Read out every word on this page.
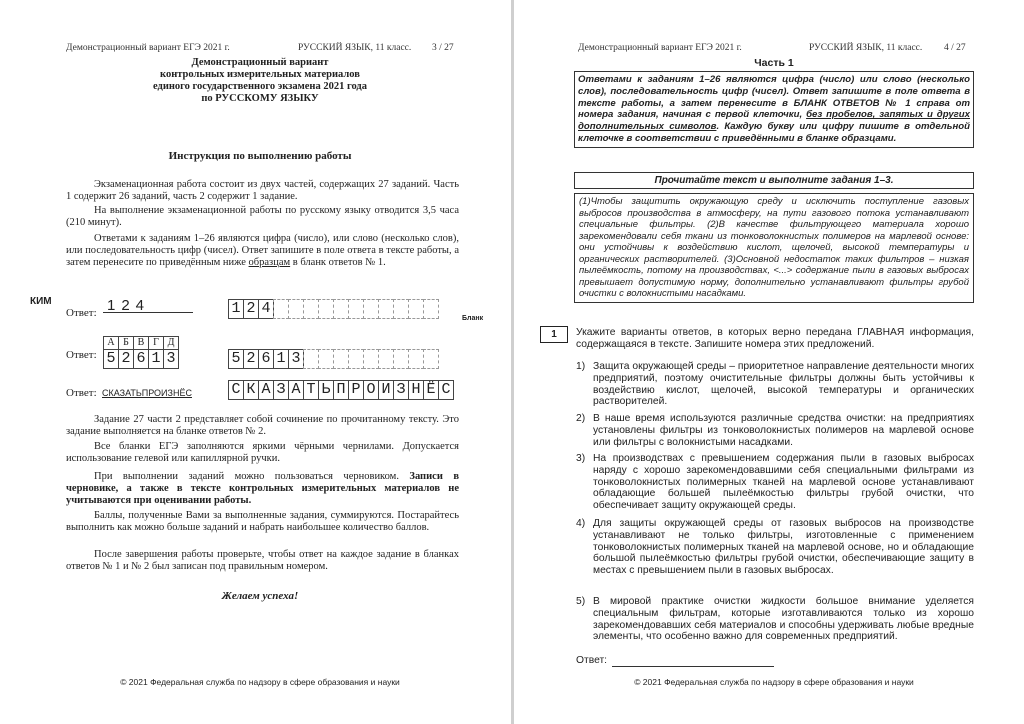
Демонстрационный вариант ЕГЭ 2021 г.	РУССКИЙ ЯЗЫК, 11 класс. 3 / 27
Демонстрационный вариант
контрольных измерительных материалов
единого государственного экзамена 2021 года
по РУССКОМУ ЯЗЫКУ
Инструкция по выполнению работы

Экзаменационная работа состоит из двух частей, содержащих 27 заданий. Часть 1 содержит 26 заданий, часть 2 содержит 1 задание.

На выполнение экзаменационной работы по русскому языку отводится 3,5 часа (210 минут).

Ответами к заданиям 1–26 являются цифра (число), или слово (несколько слов), или последовательность цифр (чисел). Ответ запишите в поле ответа в тексте работы, а затем перенесите по приведённым ниже образцам в бланк ответов № 1.

КИМ
Бланк
Ответ: 124	1 2 4
Ответ:
А Б В Г Д
5 2 6 1 3	5 2 6 1 3
Ответ: СКАЗАТЬПРОИЗНЁС	С К А З А Т Ь П Р О И З Н Ё С

Задание 27 части 2 представляет собой сочинение по прочитанному тексту. Это задание выполняется на бланке ответов № 2.

Все бланки ЕГЭ заполняются яркими чёрными чернилами. Допускается использование гелевой или капиллярной ручки.

При выполнении заданий можно пользоваться черновиком. Записи в черновике, а также в тексте контрольных измерительных материалов не учитываются при оценивании работы.

Баллы, полученные Вами за выполненные задания, суммируются. Постарайтесь выполнить как можно больше заданий и набрать наибольшее количество баллов.

После завершения работы проверьте, чтобы ответ на каждое задание в бланках ответов № 1 и № 2 был записан под правильным номером.

Желаем успеха!
© 2021 Федеральная служба по надзору в сфере образования и науки
Демонстрационный вариант ЕГЭ 2021 г.	РУССКИЙ ЯЗЫК, 11 класс. 4 / 27
Часть 1
Ответами к заданиям 1–26 являются цифра (число) или слово (несколько слов), последовательность цифр (чисел). Ответ запишите в поле ответа в тексте работы, а затем перенесите в БЛАНК ОТВЕТОВ № 1 справа от номера задания, начиная с первой клеточки, без пробелов, запятых и других дополнительных символов. Каждую букву или цифру пишите в отдельной клеточке в соответствии с приведёнными в бланке образцами.
Прочитайте текст и выполните задания 1–3.
(1)Чтобы защитить окружающую среду и исключить поступление газовых выбросов производства в атмосферу, на пути газового потока устанавливают специальные фильтры. (2)В качестве фильтрующего материала хорошо зарекомендовали себя ткани из тонковолокнистых полимеров на марлевой основе: они устойчивы к воздействию кислот, щелочей, высокой температуры и органических растворителей. (3)Основной недостаток таких фильтров – низкая пылеёмкость, потому на производствах, <...> содержание пыли в газовых выбросах превышает допустимую норму, дополнительно устанавливают фильтры грубой очистки с волокнистыми насадками.
1	Укажите варианты ответов, в которых верно передана ГЛАВНАЯ информация, содержащаяся в тексте. Запишите номера этих предложений.
1) Защита окружающей среды – приоритетное направление деятельности многих предприятий, поэтому очистительные фильтры должны быть устойчивы к воздействию кислот, щелочей, высокой температуры и органических растворителей.
2) В наше время используются различные средства очистки: на предприятиях установлены фильтры из тонковолокнистых полимеров на марлевой основе или фильтры с волокнистыми насадками.
3) На производствах с превышением содержания пыли в газовых выбросах наряду с хорошо зарекомендовавшими себя специальными фильтрами из тонковолокнистых полимерных тканей на марлевой основе устанавливают обладающие большей пылеёмкостью фильтры грубой очистки, что обеспечивает защиту окружающей среды.
4) Для защиты окружающей среды от газовых выбросов на производстве устанавливают не только фильтры, изготовленные с применением тонковолокнистых полимерных тканей на марлевой основе, но и обладающие большой пылеёмкостью фильтры грубой очистки, обеспечивающие защиту в местах с превышением пыли в газовых выбросах.
5) В мировой практике очистки жидкости большое внимание уделяется специальным фильтрам, которые изготавливаются только из хорошо зарекомендовавших себя материалов и способны удерживать любые вредные элементы, что особенно важно для современных предприятий.
Ответ:
© 2021 Федеральная служба по надзору в сфере образования и науки
